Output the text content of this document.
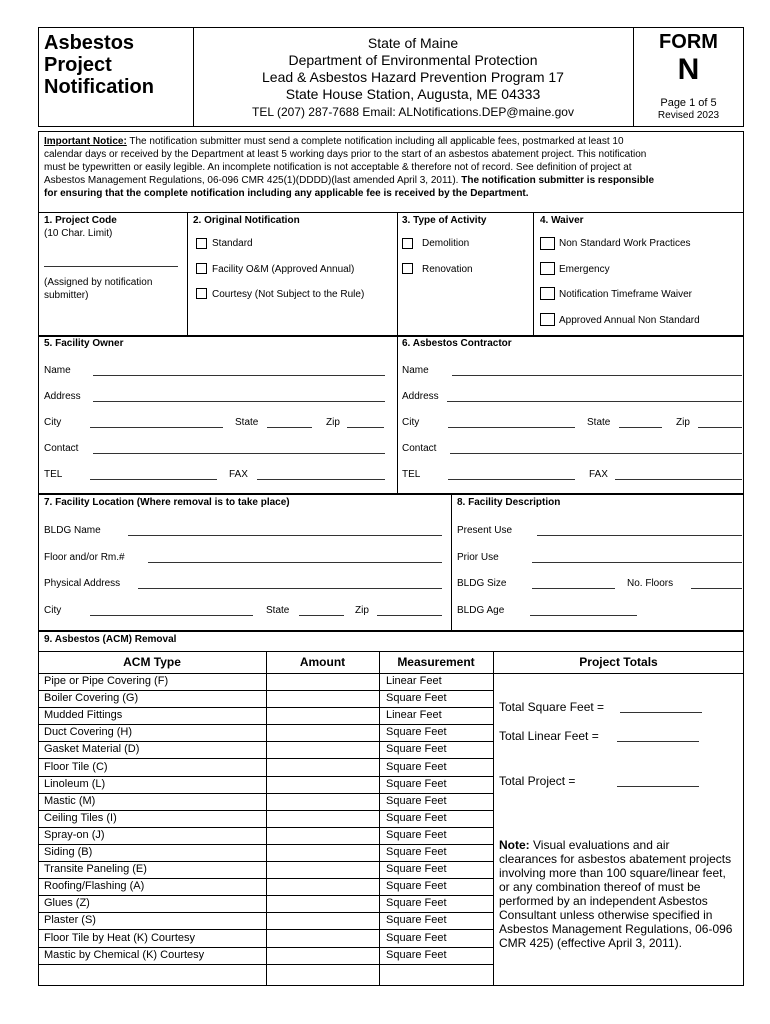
Asbestos
Project
Notification
State of Maine
Department of Environmental Protection
Lead & Asbestos Hazard Prevention Program 17
State House Station, Augusta, ME 04333
TEL (207) 287-7688 Email: ALNotifications.DEP@maine.gov
FORM
N
Page 1 of 5
Revised 2023
Important Notice: The notification submitter must send a complete notification including all applicable fees, postmarked at least 10
calendar days or received by the Department at least 5 working days prior to the start of an asbestos abatement project. This notification
must be typewritten or easily legible. An incomplete notification is not acceptable & therefore not of record. See definition of project at
Asbestos Management Regulations, 06-096 CMR 425(1)(DDDD)(last amended April 3, 2011). The notification submitter is responsible
for ensuring that the complete notification including any applicable fee is received by the Department.
1. Project Code
(10 Char. Limit)
(Assigned by notification
submitter)
2. Original Notification
Standard
Facility O&M (Approved Annual)
Courtesy (Not Subject to the Rule)
3. Type of Activity
Demolition
Renovation
4. Waiver
Non Standard Work Practices
Emergency
Notification Timeframe Waiver
Approved Annual Non Standard
5. Facility Owner
Name
Address
City	State	Zip
Contact
TEL	FAX
6. Asbestos Contractor
Name
Address
City	State	Zip
Contact
TEL	FAX
7. Facility Location (Where removal is to take place)
BLDG Name
Floor and/or Rm.#
Physical Address
City	State	Zip
8. Facility Description
Present Use
Prior Use
BLDG Size	No. Floors
BLDG Age
9. Asbestos (ACM) Removal
ACM Type	Amount	Measurement	Project Totals
Pipe or Pipe Covering (F)	Linear Feet
Boiler Covering (G)	Square Feet
Mudded Fittings	Linear Feet
Duct Covering (H)	Square Feet
Gasket Material (D)	Square Feet
Floor Tile (C)	Square Feet
Linoleum (L)	Square Feet
Mastic (M)	Square Feet
Ceiling Tiles (I)	Square Feet
Spray-on (J)	Square Feet
Siding (B)	Square Feet
Transite Paneling (E)	Square Feet
Roofing/Flashing (A)	Square Feet
Glues (Z)	Square Feet
Plaster (S)	Square Feet
Floor Tile by Heat (K) Courtesy	Square Feet
Mastic by Chemical (K) Courtesy	Square Feet
Total Square Feet =
Total Linear Feet =
Total Project =
Note: Visual evaluations and air
clearances for asbestos abatement projects
involving more than 100 square/linear feet,
or any combination thereof of must be
performed by an independent Asbestos
Consultant unless otherwise specified in
Asbestos Management Regulations, 06-096
CMR 425) (effective April 3, 2011).
